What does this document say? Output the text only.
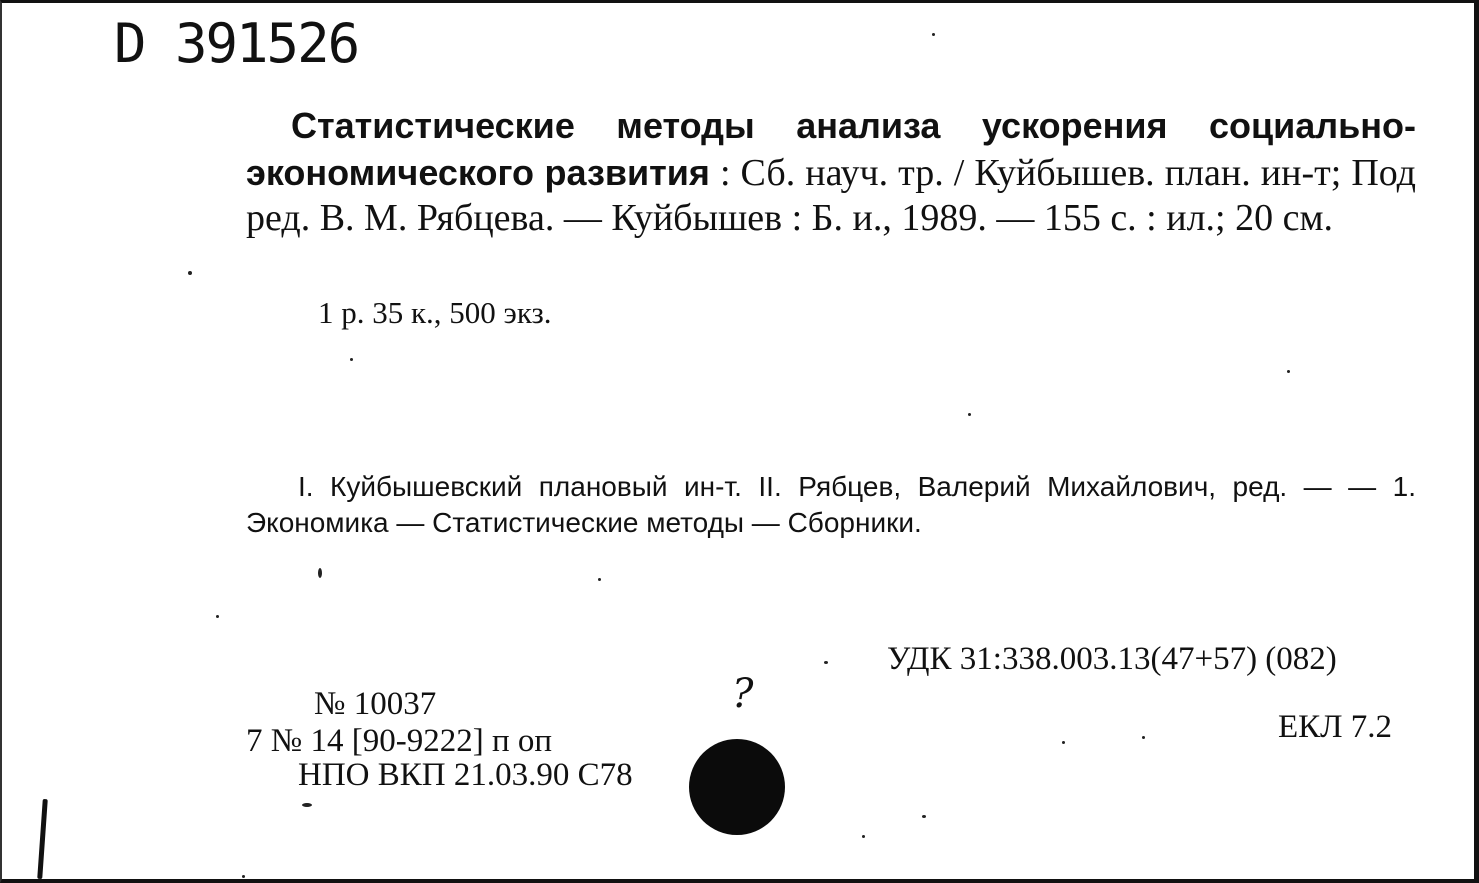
D 391526
Статистические методы анализа ускорения социально-экономического развития : Сб. науч. тр. / Куйбышев. план. ин-т; Под ред. В. М. Рябцева. — Куйбышев : Б. и., 1989. — 155 с. : ил.; 20 см.
1 р. 35 к., 500 экз.
I. Куйбышевский плановый ин-т. II. Рябцев, Валерий Михайлович, ред. — — 1. Экономика — Статистические методы — Сборники.
УДК 31:338.003.13(47+57) (082)
ЕКЛ 7.2
№ 10037
7 № 14 [90-9222] п оп
НПО ВКП 21.03.90 С78
?
